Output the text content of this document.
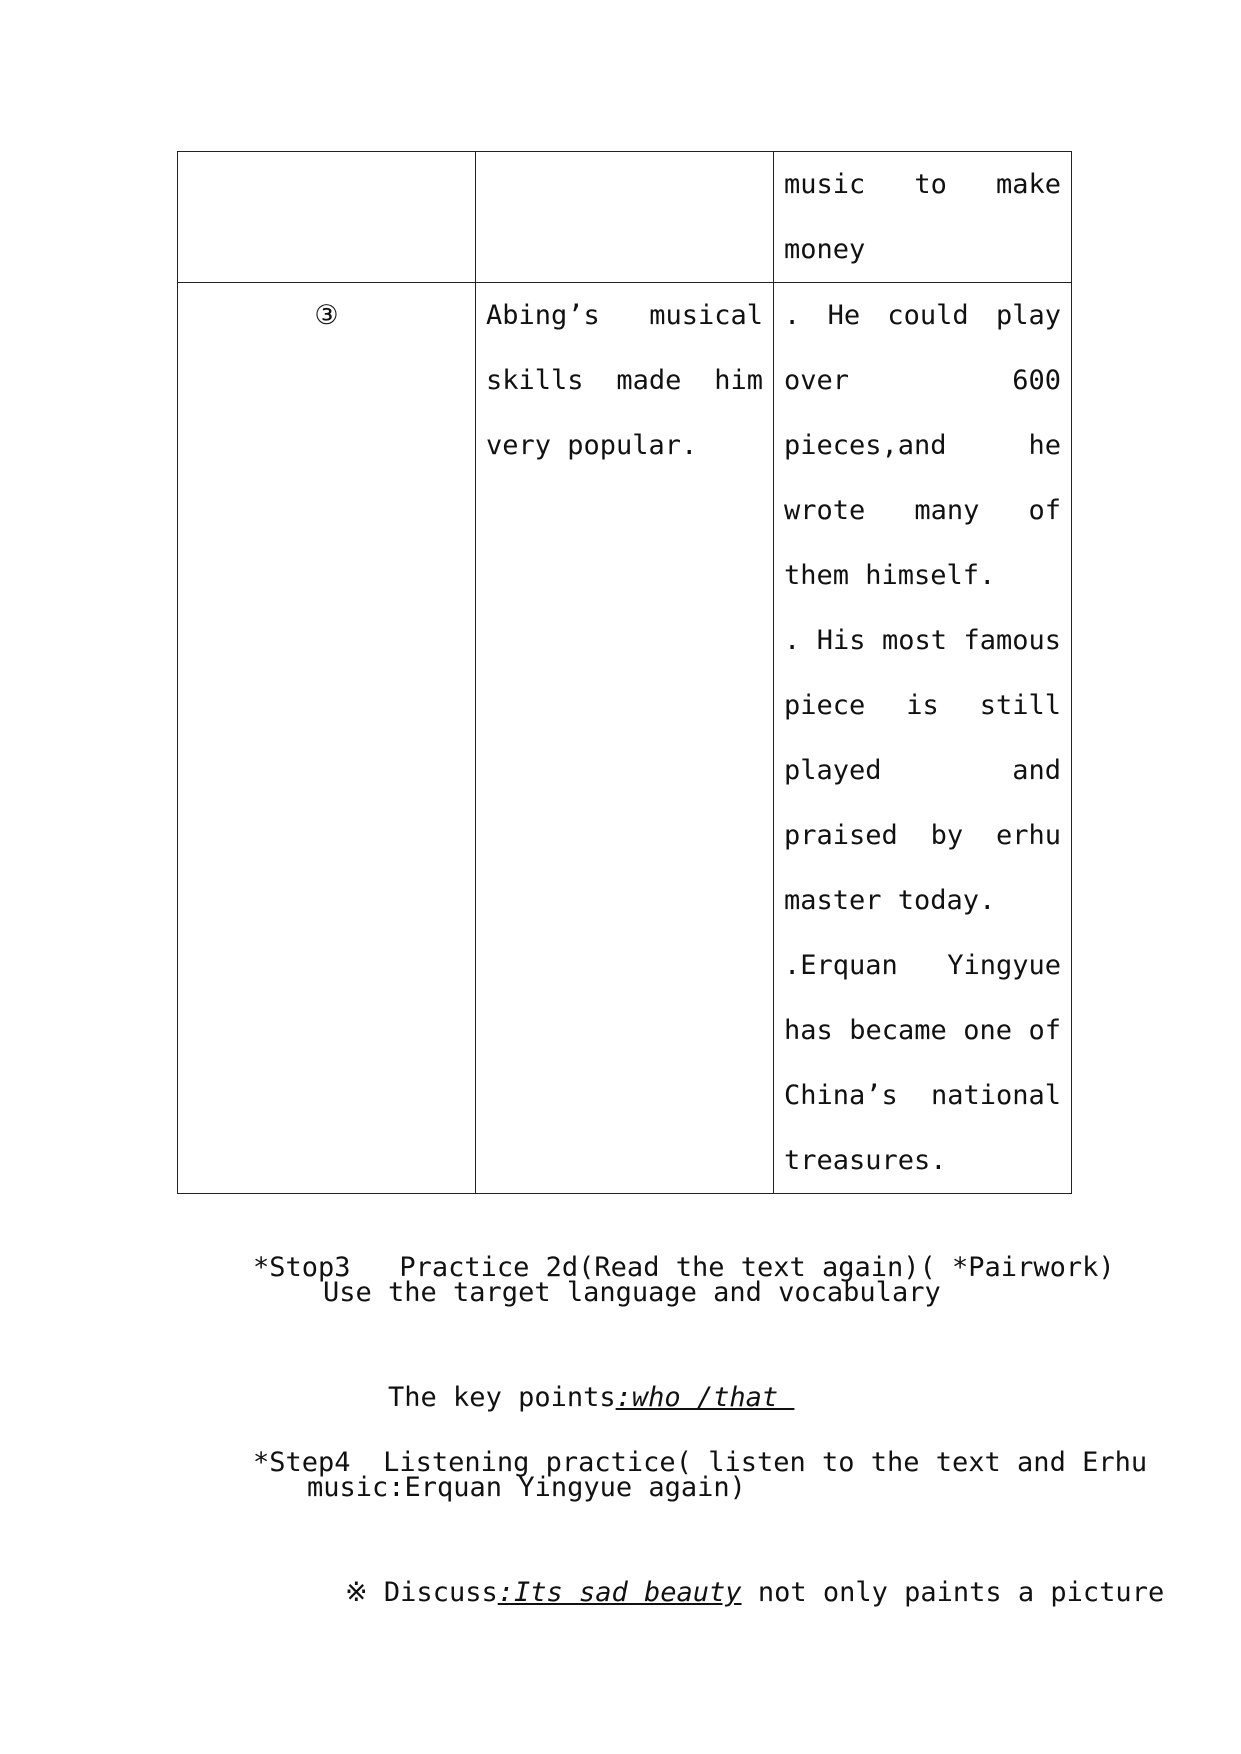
		music to make money
③	Abing’s musical skills made him very popular.	. He could play over 600 pieces,and he wrote many of them himself.
. His most famous piece is still played and praised by erhu master today.
.Erquan Yingyue has became one of China’s national treasures.

*Stop3 Practice 2d(Read the text again)( *Pairwork)

Use the target language and vocabulary

The key points:who /that

*Step4 Listening practice( listen to the text and Erhu

music:Erquan Yingyue again)

※ Discuss:Its sad beauty not only paints a picture
